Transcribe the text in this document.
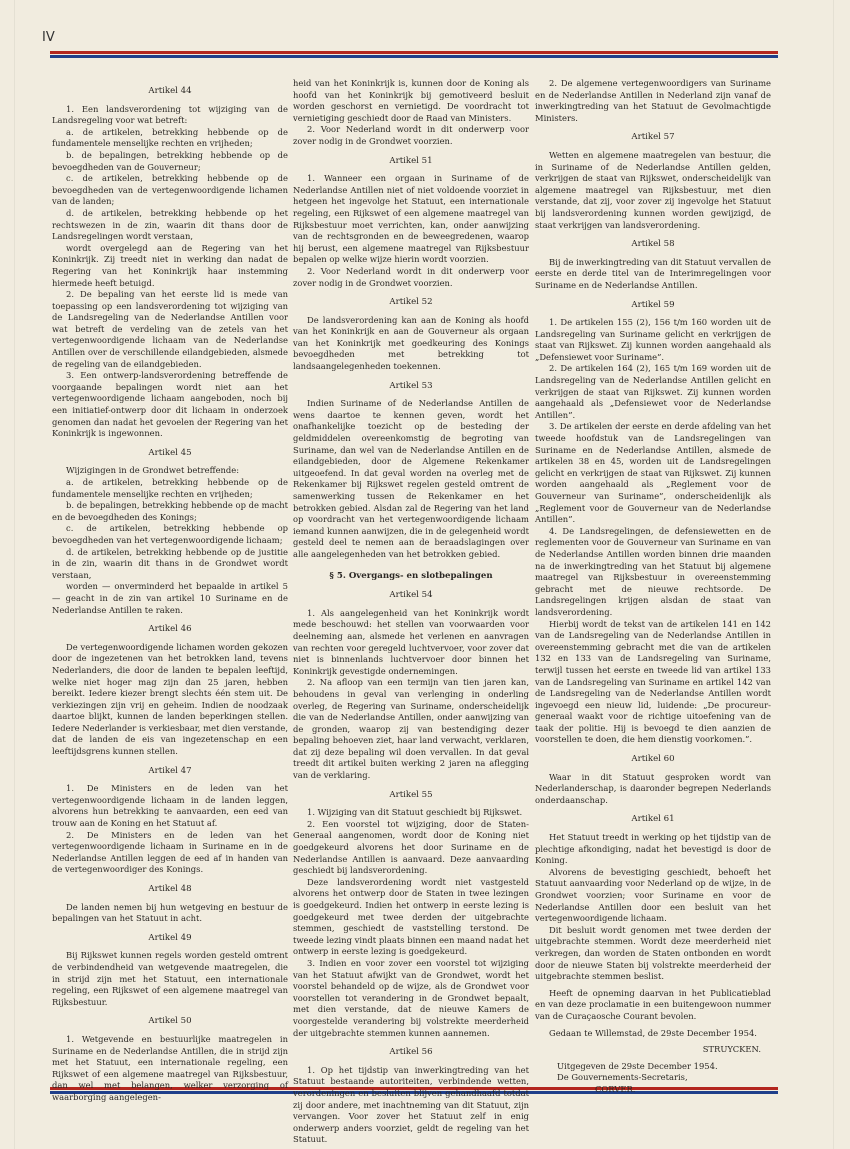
IV
Artikel 44

1. Een landsverordening tot wijziging van de Landsregeling voor wat betreft:

a. de artikelen, betrekking hebbende op de fundamentele menselijke rechten en vrijheden;

b. de bepalingen, betrekking hebbende op de bevoegdheden van de Gouverneur;

c. de artikelen, betrekking hebbende op de bevoegdheden van de vertegenwoordigende lichamen van de landen;

d. de artikelen, betrekking hebbende op het rechtswezen in de zin, waarin dit thans door de Landsregelingen wordt verstaan,

wordt overgelegd aan de Regering van het Koninkrijk. Zij treedt niet in werking dan nadat de Regering van het Koninkrijk haar instemming hiermede heeft betuigd.

2. De bepaling van het eerste lid is mede van toepassing op een landsverordening tot wijziging van de Landsregeling van de Nederlandse Antillen voor wat betreft de verdeling van de zetels van het vertegenwoordigende lichaam van de Nederlandse Antillen over de verschillende eilandgebieden, alsmede de regeling van de eilandgebieden.

3. Een ontwerp-landsverordening betreffende de voorgaande bepalingen wordt niet aan het vertegenwoordigende lichaam aangeboden, noch bij een initiatief-ontwerp door dit lichaam in onderzoek genomen dan nadat het gevoelen der Regering van het Koninkrijk is ingewonnen.

Artikel 45

Wijzigingen in de Grondwet betreffende:

a. de artikelen, betrekking hebbende op de fundamentele menselijke rechten en vrijheden;

b. de bepalingen, betrekking hebbende op de macht en de bevoegdheden des Konings;

c. de artikelen, betrekking hebbende op bevoegdheden van het vertegenwoordigende lichaam;

d. de artikelen, betrekking hebbende op de justitie in de zin, waarin dit thans in de Grondwet wordt verstaan,

worden — onverminderd het bepaalde in artikel 5 — geacht in de zin van artikel 10 Suriname en de Nederlandse Antillen te raken.

Artikel 46

De vertegenwoordigende lichamen worden gekozen door de ingezetenen van het betrokken land, tevens Nederlanders, die door de landen te bepalen leeftijd, welke niet hoger mag zijn dan 25 jaren, hebben bereikt. Iedere kiezer brengt slechts één stem uit. De verkiezingen zijn vrij en geheim. Indien de noodzaak daartoe blijkt, kunnen de landen beperkingen stellen. Iedere Nederlander is verkiesbaar, met dien verstande, dat de landen de eis van ingezetenschap en een leeftijdsgrens kunnen stellen.

Artikel 47

1. De Ministers en de leden van het vertegenwoordigende lichaam in de landen leggen, alvorens hun betrekking te aanvaarden, een eed van trouw aan de Koning en het Statuut af.

2. De Ministers en de leden van het vertegenwoordigende lichaam in Suriname en in de Nederlandse Antillen leggen de eed af in handen van de vertegenwoordiger des Konings.

Artikel 48

De landen nemen bij hun wetgeving en bestuur de bepalingen van het Statuut in acht.

Artikel 49

Bij Rijkswet kunnen regels worden gesteld omtrent de verbindendheid van wetgevende maatregelen, die in strijd zijn met het Statuut, een internationale regeling, een Rijkswet of een algemene maatregel van Rijksbestuur.

Artikel 50

1. Wetgevende en bestuurlijke maatregelen in Suriname en de Nederlandse Antillen, die in strijd zijn met het Statuut, een internationale regeling, een Rijkswet of een algemene maatregel van Rijksbestuur, dan wel met belangen, welker verzorging of waarborging aangelegen-

heid van het Koninkrijk is, kunnen door de Koning als hoofd van het Koninkrijk bij gemotiveerd besluit worden geschorst en vernietigd. De voordracht tot vernietiging geschiedt door de Raad van Ministers.

2. Voor Nederland wordt in dit onderwerp voor zover nodig in de Grondwet voorzien.

Artikel 51

1. Wanneer een orgaan in Suriname of de Nederlandse Antillen niet of niet voldoende voorziet in hetgeen het ingevolge het Statuut, een internationale regeling, een Rijkswet of een algemene maatregel van Rijksbestuur moet verrichten, kan, onder aanwijzing van de rechtsgronden en de beweegredenen, waarop hij berust, een algemene maatregel van Rijksbestuur bepalen op welke wijze hierin wordt voorzien.

2. Voor Nederland wordt in dit onderwerp voor zover nodig in de Grondwet voorzien.

Artikel 52

De landsverordening kan aan de Koning als hoofd van het Koninkrijk en aan de Gouverneur als orgaan van het Koninkrijk met goedkeuring des Konings bevoegdheden met betrekking tot landsaangelegenheden toekennen.

Artikel 53

Indien Suriname of de Nederlandse Antillen de wens daartoe te kennen geven, wordt het onafhankelijke toezicht op de besteding der geldmiddelen overeenkomstig de begroting van Suriname, dan wel van de Nederlandse Antillen en de eilandgebieden, door de Algemene Rekenkamer uitgeoefend. In dat geval worden na overleg met de Rekenkamer bij Rijkswet regelen gesteld omtrent de samenwerking tussen de Rekenkamer en het betrokken gebied. Alsdan zal de Regering van het land op voordracht van het vertegenwoordigende lichaam iemand kunnen aanwijzen, die in de gelegenheid wordt gesteld deel te nemen aan de beraadslagingen over alle aangelegenheden van het betrokken gebied.

§ 5. Overgangs- en slotbepalingen
Artikel 54

1. Als aangelegenheid van het Koninkrijk wordt mede beschouwd: het stellen van voorwaarden voor deelneming aan, alsmede het verlenen en aanvragen van rechten voor geregeld luchtvervoer, voor zover dat niet is binnenlands luchtvervoer door binnen het Koninkrijk gevestigde ondernemingen.

2. Na afloop van een termijn van tien jaren kan, behoudens in geval van verlenging in onderling overleg, de Regering van Suriname, onderscheidelijk die van de Nederlandse Antillen, onder aanwijzing van de gronden, waarop zij van bestendiging dezer bepaling behoeven ziet, haar land verwacht, verklaren, dat zij deze bepaling wil doen vervallen. In dat geval treedt dit artikel buiten werking 2 jaren na aflegging van de verklaring.

Artikel 55

1. Wijziging van dit Statuut geschiedt bij Rijkswet.

2. Een voorstel tot wijziging, door de Staten-Generaal aangenomen, wordt door de Koning niet goedgekeurd alvorens het door Suriname en de Nederlandse Antillen is aanvaard. Deze aanvaarding geschiedt bij landsverordening.

Deze landsverordening wordt niet vastgesteld alvorens het ontwerp door de Staten in twee lezingen is goedgekeurd. Indien het ontwerp in eerste lezing is goedgekeurd met twee derden der uitgebrachte stemmen, geschiedt de vaststelling terstond. De tweede lezing vindt plaats binnen een maand nadat het ontwerp in eerste lezing is goedgekeurd.

3. Indien en voor zover een voorstel tot wijziging van het Statuut afwijkt van de Grondwet, wordt het voorstel behandeld op de wijze, als de Grondwet voor voorstellen tot verandering in de Grondwet bepaalt, met dien verstande, dat de nieuwe Kamers de voorgestelde verandering bij volstrekte meerderheid der uitgebrachte stemmen kunnen aannemen.

Artikel 56

1. Op het tijdstip van inwerkingtreding van het Statuut bestaande autoriteiten, verbindende wetten, verordeningen en besluiten blijven gehandhaafd totdat zij door andere, met inachtneming van dit Statuut, zijn vervangen. Voor zover het Statuut zelf in enig onderwerp anders voorziet, geldt de regeling van het Statuut.

2. De algemene vertegenwoordigers van Suriname en de Nederlandse Antillen in Nederland zijn vanaf de inwerkingtreding van het Statuut de Gevolmachtigde Ministers.

Artikel 57

Wetten en algemene maatregelen van bestuur, die in Suriname of de Nederlandse Antillen gelden, verkrijgen de staat van Rijkswet, onderscheidelijk van algemene maatregel van Rijksbestuur, met dien verstande, dat zij, voor zover zij ingevolge het Statuut bij landsverordening kunnen worden gewijzigd, de staat verkrijgen van landsverordening.

Artikel 58

Bij de inwerkingtreding van dit Statuut vervallen de eerste en derde titel van de Interimregelingen voor Suriname en de Nederlandse Antillen.

Artikel 59

1. De artikelen 155 (2), 156 t/m 160 worden uit de Landsregeling van Suriname gelicht en verkrijgen de staat van Rijkswet. Zij kunnen worden aangehaald als „Defensiewet voor Suriname”.

2. De artikelen 164 (2), 165 t/m 169 worden uit de Landsregeling van de Nederlandse Antillen gelicht en verkrijgen de staat van Rijkswet. Zij kunnen worden aangehaald als „Defensiewet voor de Nederlandse Antillen”.

3. De artikelen der eerste en derde afdeling van het tweede hoofdstuk van de Landsregelingen van Suriname en de Nederlandse Antillen, alsmede de artikelen 38 en 45, worden uit de Landsregelingen gelicht en verkrijgen de staat van Rijkswet. Zij kunnen worden aangehaald als „Reglement voor de Gouverneur van Suriname”, onderscheidenlijk als „Reglement voor de Gouverneur van de Nederlandse Antillen”.

4. De Landsregelingen, de defensiewetten en de reglementen voor de Gouverneur van Suriname en van de Nederlandse Antillen worden binnen drie maanden na de inwerkingtreding van het Statuut bij algemene maatregel van Rijksbestuur in overeenstemming gebracht met de nieuwe rechtsorde. De Landsregelingen krijgen alsdan de staat van landsverordening.

Hierbij wordt de tekst van de artikelen 141 en 142 van de Landsregeling van de Nederlandse Antillen in overeenstemming gebracht met die van de artikelen 132 en 133 van de Landsregeling van Suriname, terwijl tussen het eerste en tweede lid van artikel 133 van de Landsregeling van Suriname en artikel 142 van de Landsregeling van de Nederlandse Antillen wordt ingevoegd een nieuw lid, luidende: „De procureur-generaal waakt voor de richtige uitoefening van de taak der politie. Hij is bevoegd te dien aanzien de voorstellen te doen, die hem dienstig voorkomen.”.

Artikel 60

Waar in dit Statuut gesproken wordt van Nederlanderschap, is daaronder begrepen Nederlands onderdaanschap.

Artikel 61

Het Statuut treedt in werking op het tijdstip van de plechtige afkondiging, nadat het bevestigd is door de Koning.

Alvorens de bevestiging geschiedt, behoeft het Statuut aanvaarding voor Nederland op de wijze, in de Grondwet voorzien; voor Suriname en voor de Nederlandse Antillen door een besluit van het vertegenwoordigende lichaam.

Dit besluit wordt genomen met twee derden der uitgebrachte stemmen. Wordt deze meerderheid niet verkregen, dan worden de Staten ontbonden en wordt door de nieuwe Staten bij volstrekte meerderheid der uitgebrachte stemmen beslist.

Heeft de opneming daarvan in het Publicatieblad en van deze proclamatie in een buitengewoon nummer van de Curaçaosche Courant bevolen.

Gedaan te Willemstad, de 29ste December 1954.

STRUYCKEN.

Uitgegeven de 29ste December 1954.

De Gouvernements-Secretaris,

CORVER.
